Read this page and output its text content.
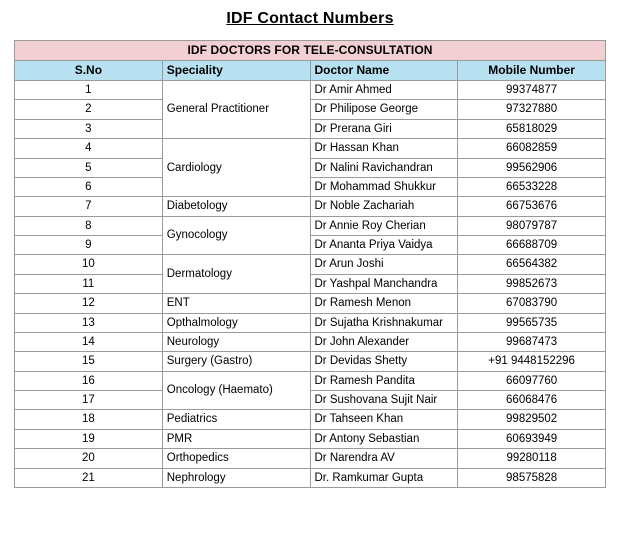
IDF Contact Numbers
IDF DOCTORS FOR TELE-CONSULTATION			
S.No	Speciality	Doctor Name	Mobile Number
1	General Practitioner	Dr Amir Ahmed	99374877
2		Dr Philipose George	97327880
3		Dr Prerana Giri	65818029
4	Cardiology	Dr Hassan Khan	66082859
5		Dr Nalini Ravichandran	99562906
6		Dr Mohammad Shukkur	66533228
7	Diabetology	Dr Noble Zachariah	66753676
8	Gynocology	Dr Annie Roy Cherian	98079787
9		Dr Ananta Priya Vaidya	66688709
10	Dermatology	Dr Arun Joshi	66564382
11		Dr Yashpal Manchandra	99852673
12	ENT	Dr Ramesh Menon	67083790
13	Opthalmology	Dr Sujatha Krishnakumar	99565735
14	Neurology	Dr John Alexander	99687473
15	Surgery (Gastro)	Dr Devidas Shetty	+91 9448152296
16	Oncology (Haemato)	Dr Ramesh Pandita	66097760
17		Dr Sushovana Sujit Nair	66068476
18	Pediatrics	Dr Tahseen Khan	99829502
19	PMR	Dr Antony Sebastian	60693949
20	Orthopedics	Dr Narendra AV	99280118
21	Nephrology	Dr. Ramkumar Gupta	98575828
